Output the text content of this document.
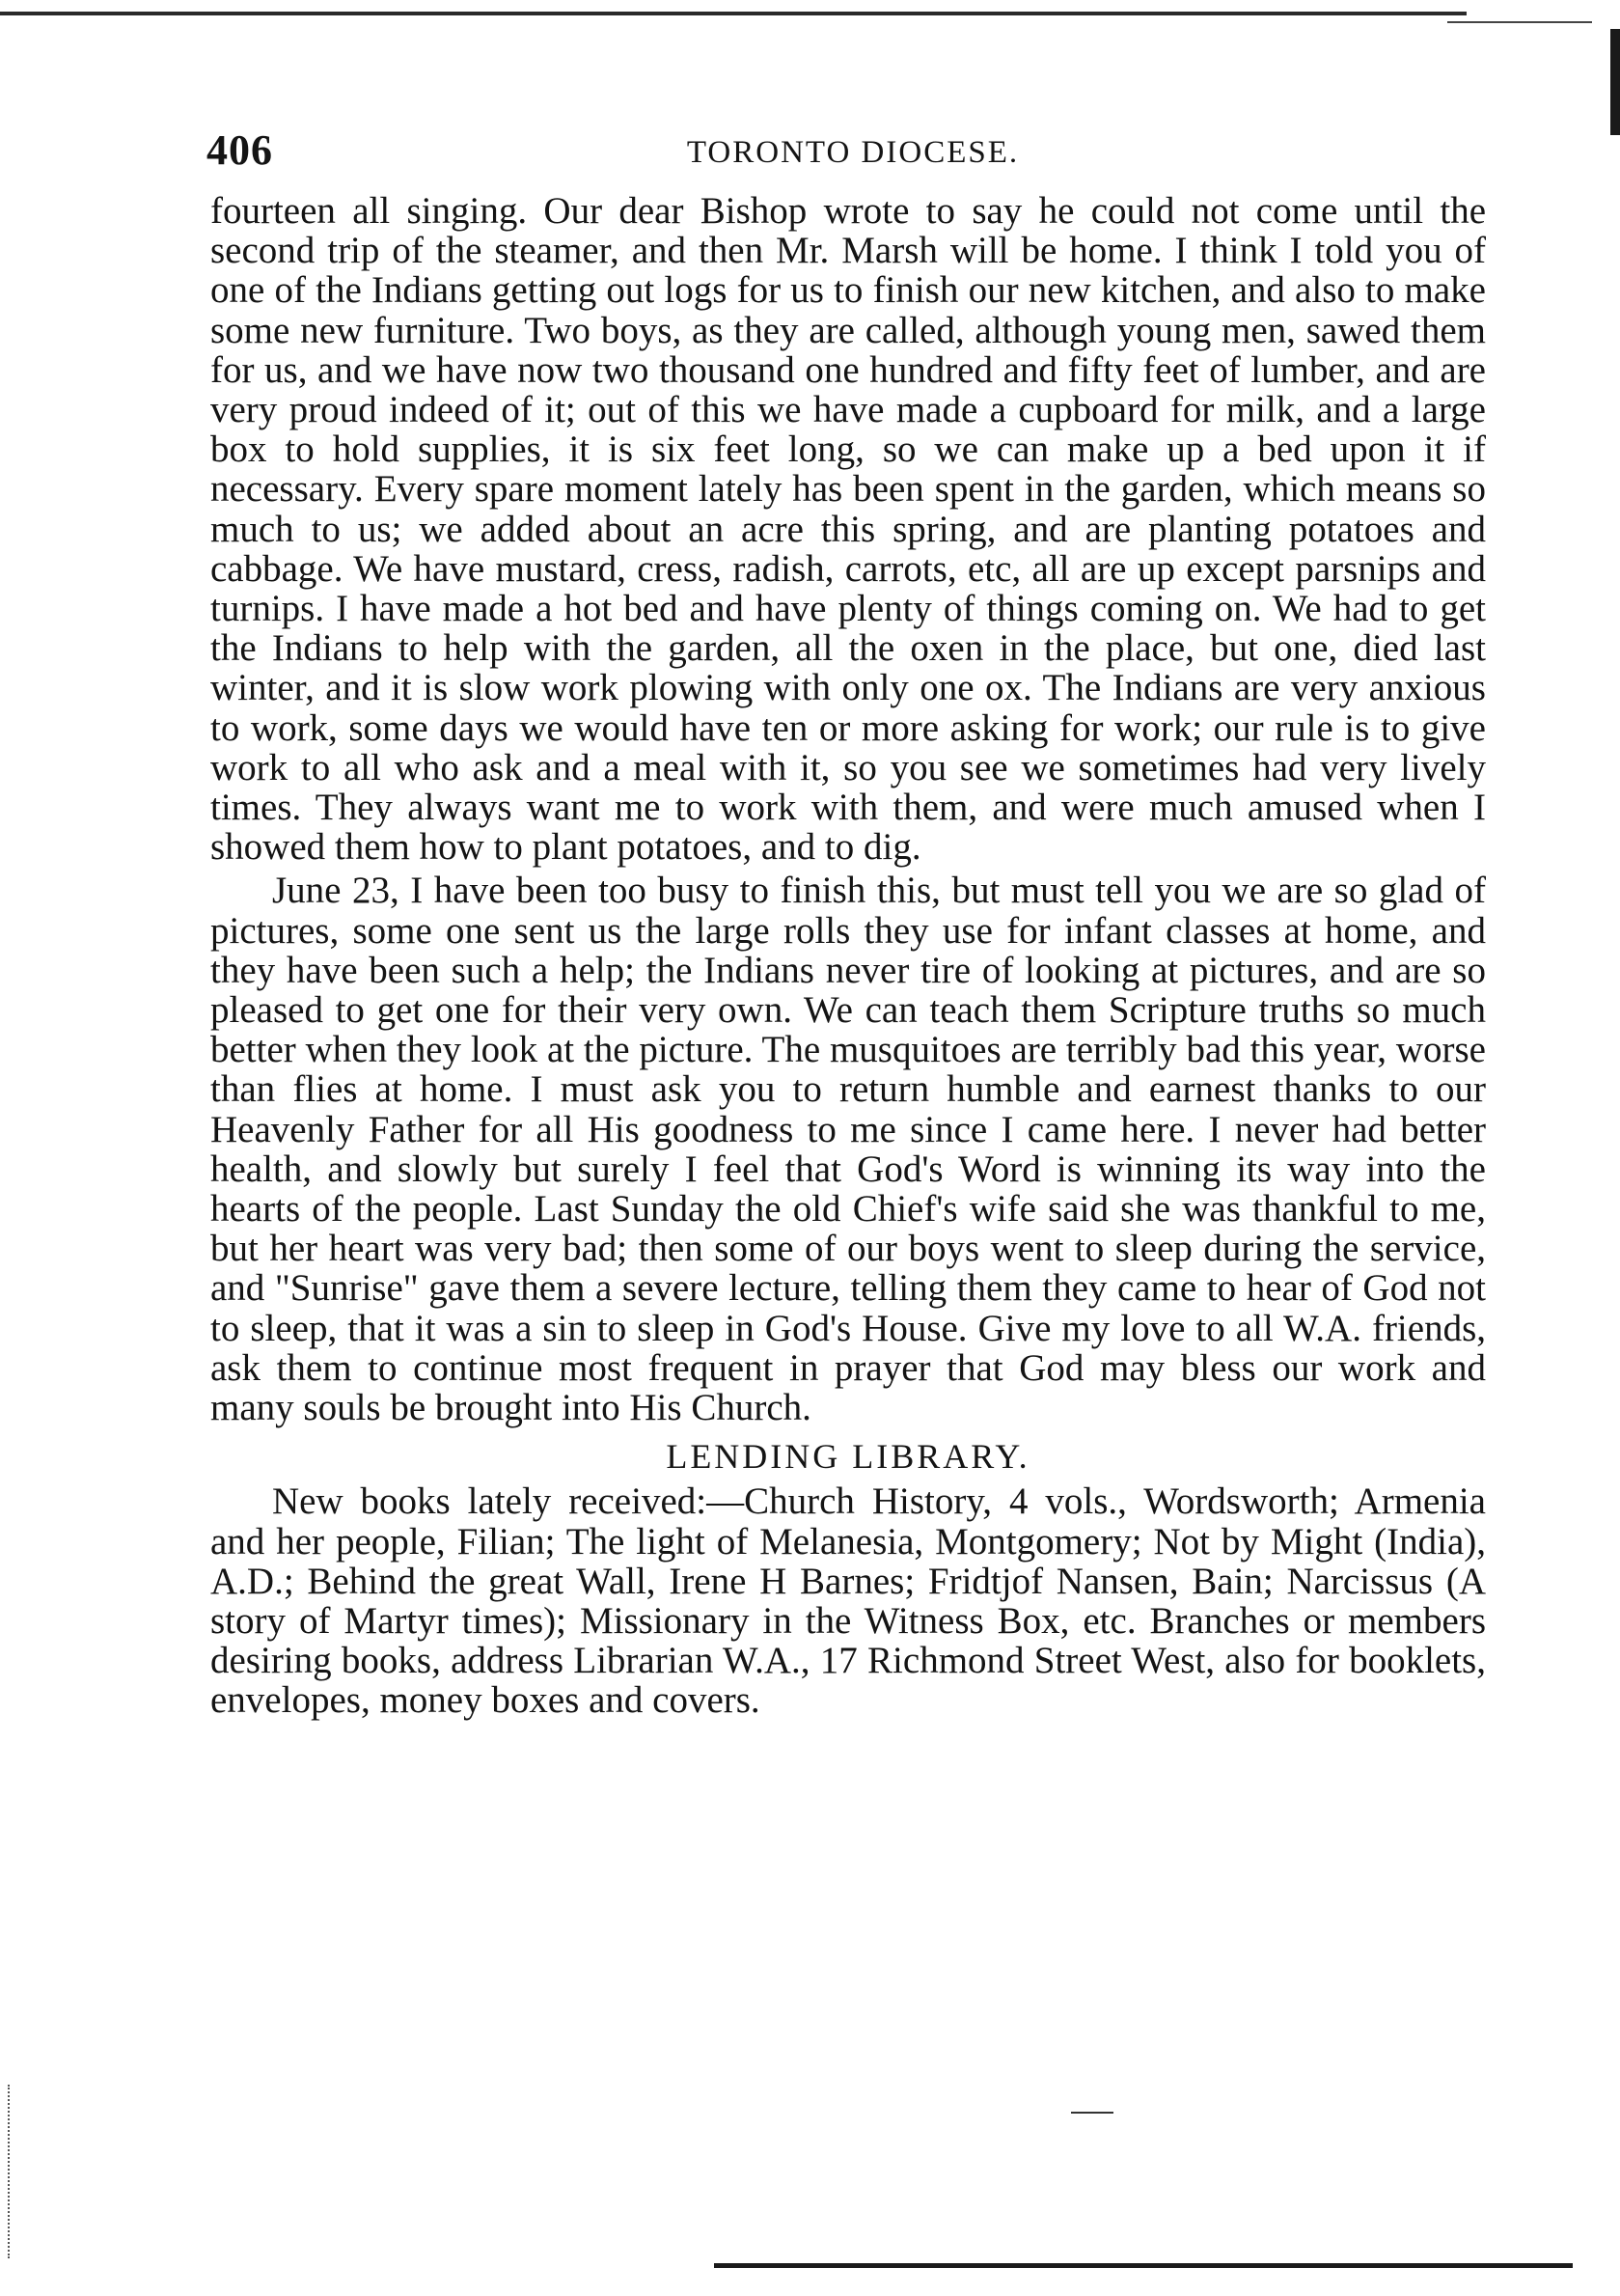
406	TORONTO DIOCESE.

fourteen all singing. Our dear Bishop wrote to say he could not come until the second trip of the steamer, and then Mr. Marsh will be home. I think I told you of one of the Indians getting out logs for us to finish our new kitchen, and also to make some new furniture. Two boys, as they are called, although young men, sawed them for us, and we have now two thousand one hundred and fifty feet of lumber, and are very proud indeed of it; out of this we have made a cupboard for milk, and a large box to hold supplies, it is six feet long, so we can make up a bed upon it if necessary. Every spare moment lately has been spent in the garden, which means so much to us; we added about an acre this spring, and are planting potatoes and cabbage. We have mustard, cress, radish, carrots, etc, all are up except parsnips and turnips. I have made a hot bed and have plenty of things coming on. We had to get the Indians to help with the garden, all the oxen in the place, but one, died last winter, and it is slow work plowing with only one ox. The Indians are very anxious to work, some days we would have ten or more asking for work; our rule is to give work to all who ask and a meal with it, so you see we sometimes had very lively times. They always want me to work with them, and were much amused when I showed them how to plant potatoes, and to dig.

June 23, I have been too busy to finish this, but must tell you we are so glad of pictures, some one sent us the large rolls they use for infant classes at home, and they have been such a help; the Indians never tire of looking at pictures, and are so pleased to get one for their very own. We can teach them Scripture truths so much better when they look at the picture. The musquitoes are terribly bad this year, worse than flies at home. I must ask you to return humble and earnest thanks to our Heavenly Father for all His goodness to me since I came here. I never had better health, and slowly but surely I feel that God's Word is winning its way into the hearts of the people. Last Sunday the old Chief's wife said she was thankful to me, but her heart was very bad; then some of our boys went to sleep during the service, and "Sunrise" gave them a severe lecture, telling them they came to hear of God not to sleep, that it was a sin to sleep in God's House. Give my love to all W.A. friends, ask them to continue most frequent in prayer that God may bless our work and many souls be brought into His Church.

LENDING LIBRARY.

New books lately received:—Church History, 4 vols., Wordsworth; Armenia and her people, Filian; The light of Melanesia, Montgomery; Not by Might (India), A.D.; Behind the great Wall, Irene H Barnes; Fridtjof Nansen, Bain; Narcissus (A story of Martyr times); Missionary in the Witness Box, etc. Branches or members desiring books, address Librarian W.A., 17 Richmond Street West, also for booklets, envelopes, money boxes and covers.
